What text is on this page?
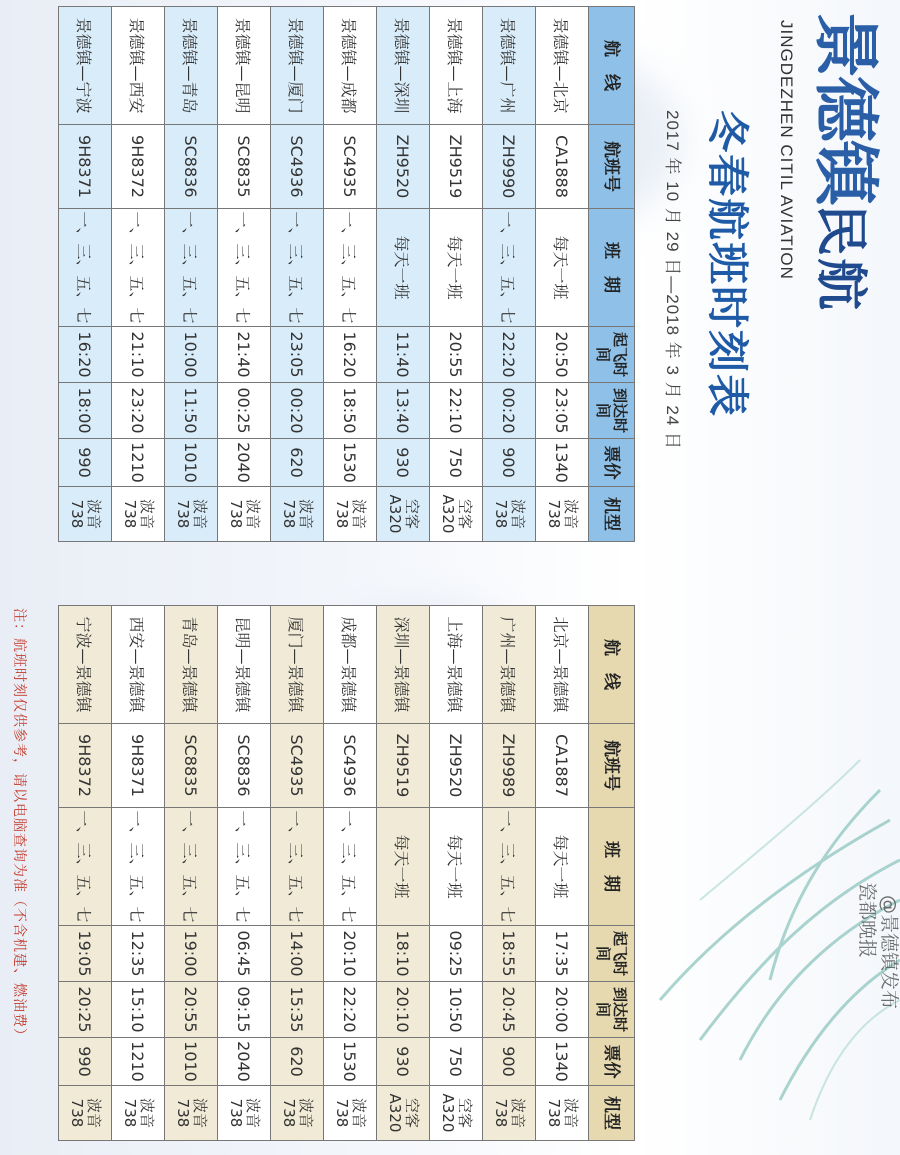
景德镇民航
JINGDEZHEN CITIL AVIATION
冬春航班时刻表
2017 年 10 月 29 日—2018 年 3 月 24 日
航　线	航班号	班　期	起飞时间	到达时间	票价	机型
景德镇—北京	CA1888	每天一班	20:50	23:05	1340	波音738
景德镇—广州	ZH9990	一、三、五、七	22:20	00:20	900	波音738
景德镇—上海	ZH9519	每天一班	20:55	22:10	750	空客A320
景德镇—深圳	ZH9520	每天一班	11:40	13:40	930	空客A320
景德镇—成都	SC4935	一、三、五、七	16:20	18:50	1530	波音738
景德镇—厦门	SC4936	一、三、五、七	23:05	00:20	620	波音738
景德镇—昆明	SC8835	一、三、五、七	21:40	00:25	2040	波音738
景德镇—青岛	SC8836	一、三、五、七	10:00	11:50	1010	波音738
景德镇—西安	9H8372	一、三、五、七	21:10	23:20	1210	波音738
景德镇—宁波	9H8371	一、三、五、七	16:20	18:00	990	波音738
航　线	航班号	班　期	起飞时间	到达时间	票价	机型
北京—景德镇	CA1887	每天一班	17:35	20:00	1340	波音738
广州—景德镇	ZH9989	一、三、五、七	18:55	20:45	900	波音738
上海—景德镇	ZH9520	每天一班	09:25	10:50	750	空客A320
深圳—景德镇	ZH9519	每天一班	18:10	20:10	930	空客A320
成都—景德镇	SC4936	一、三、五、七	20:10	22:20	1530	波音738
厦门—景德镇	SC4935	一、三、五、七	14:00	15:35	620	波音738
昆明—景德镇	SC8836	一、三、五、七	06:45	09:15	2040	波音738
青岛—景德镇	SC8835	一、三、五、七	19:00	20:55	1010	波音738
西安—景德镇	9H8371	一、三、五、七	12:35	15:10	1210	波音738
宁波—景德镇	9H8372	一、三、五、七	19:05	20:25	990	波音738
注：航班时刻仅供参考，请以电脑查询为准（不含机建、燃油费）	瓷都晚报 @景德镇发布
